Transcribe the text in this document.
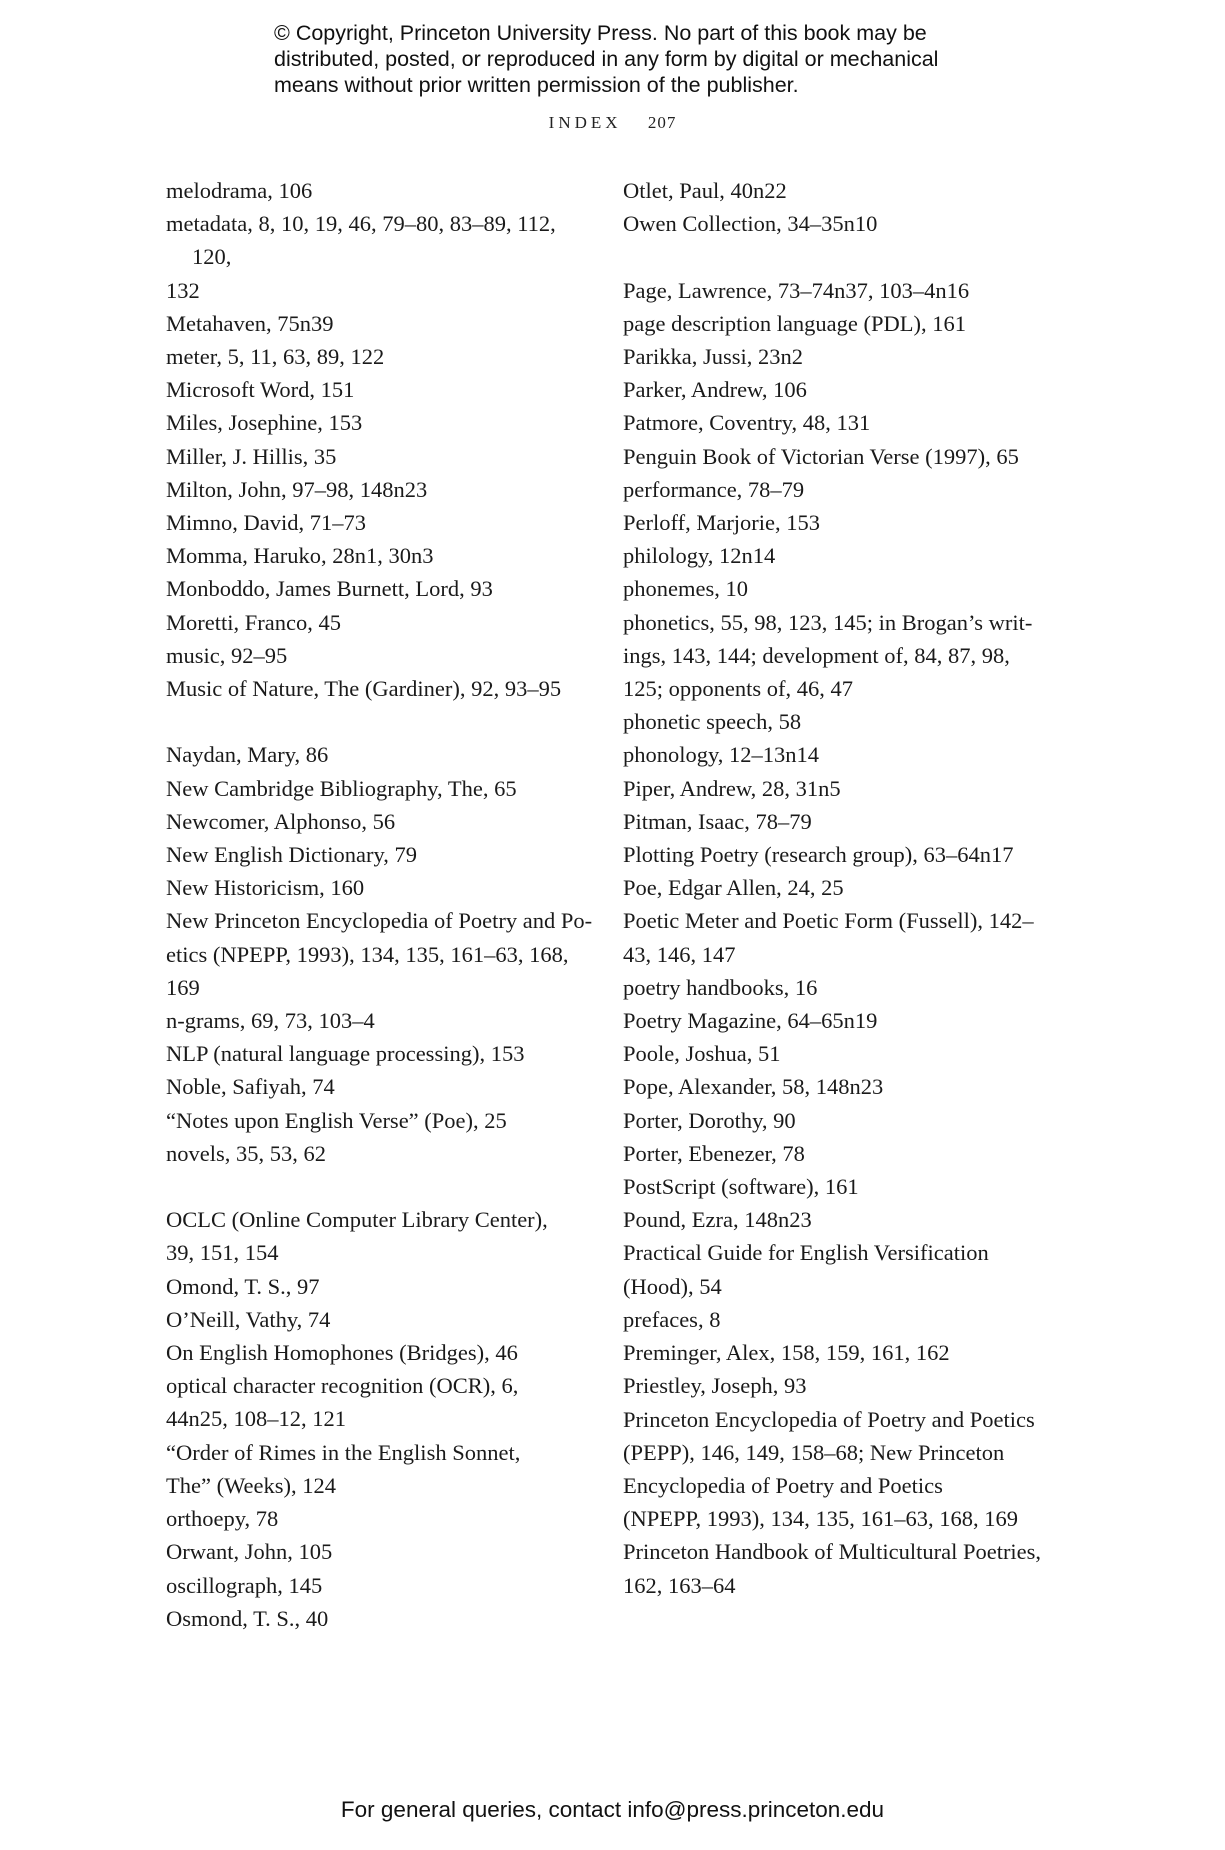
© Copyright, Princeton University Press. No part of this book may be
distributed, posted, or reproduced in any form by digital or mechanical
means without prior written permission of the publisher.
INDEX 207
melodrama, 106
metadata, 8, 10, 19, 46, 79–80, 83–89, 112, 120,
132
Metahaven, 75n39
meter, 5, 11, 63, 89, 122
Microsoft Word, 151
Miles, Josephine, 153
Miller, J. Hillis, 35
Milton, John, 97–98, 148n23
Mimno, David, 71–73
Momma, Haruko, 28n1, 30n3
Monboddo, James Burnett, Lord, 93
Moretti, Franco, 45
music, 92–95
Music of Nature, The (Gardiner), 92, 93–95
Naydan, Mary, 86
New Cambridge Bibliography, The, 65
Newcomer, Alphonso, 56
New English Dictionary, 79
New Historicism, 160
New Princeton Encyclopedia of Poetry and Po-
etics (NPEPP, 1993), 134, 135, 161–63, 168,
169
n-grams, 69, 73, 103–4
NLP (natural language processing), 153
Noble, Safiyah, 74
“Notes upon English Verse” (Poe), 25
novels, 35, 53, 62
OCLC (Online Computer Library Center),
39, 151, 154
Omond, T. S., 97
O’Neill, Vathy, 74
On English Homophones (Bridges), 46
optical character recognition (OCR), 6,
44n25, 108–12, 121
“Order of Rimes in the English Sonnet,
The” (Weeks), 124
orthoepy, 78
Orwant, John, 105
oscillograph, 145
Osmond, T. S., 40
Otlet, Paul, 40n22
Owen Collection, 34–35n10
Page, Lawrence, 73–74n37, 103–4n16
page description language (PDL), 161
Parikka, Jussi, 23n2
Parker, Andrew, 106
Patmore, Coventry, 48, 131
Penguin Book of Victorian Verse (1997), 65
performance, 78–79
Perloff, Marjorie, 153
philology, 12n14
phonemes, 10
phonetics, 55, 98, 123, 145; in Brogan’s writ-
ings, 143, 144; development of, 84, 87, 98,
125; opponents of, 46, 47
phonetic speech, 58
phonology, 12–13n14
Piper, Andrew, 28, 31n5
Pitman, Isaac, 78–79
Plotting Poetry (research group), 63–64n17
Poe, Edgar Allen, 24, 25
Poetic Meter and Poetic Form (Fussell), 142–
43, 146, 147
poetry handbooks, 16
Poetry Magazine, 64–65n19
Poole, Joshua, 51
Pope, Alexander, 58, 148n23
Porter, Dorothy, 90
Porter, Ebenezer, 78
PostScript (software), 161
Pound, Ezra, 148n23
Practical Guide for English Versification
(Hood), 54
prefaces, 8
Preminger, Alex, 158, 159, 161, 162
Priestley, Joseph, 93
Princeton Encyclopedia of Poetry and Poetics
(PEPP), 146, 149, 158–68; New Princeton
Encyclopedia of Poetry and Poetics
(NPEPP, 1993), 134, 135, 161–63, 168, 169
Princeton Handbook of Multicultural Poetries,
162, 163–64
For general queries, contact info@press.princeton.edu
